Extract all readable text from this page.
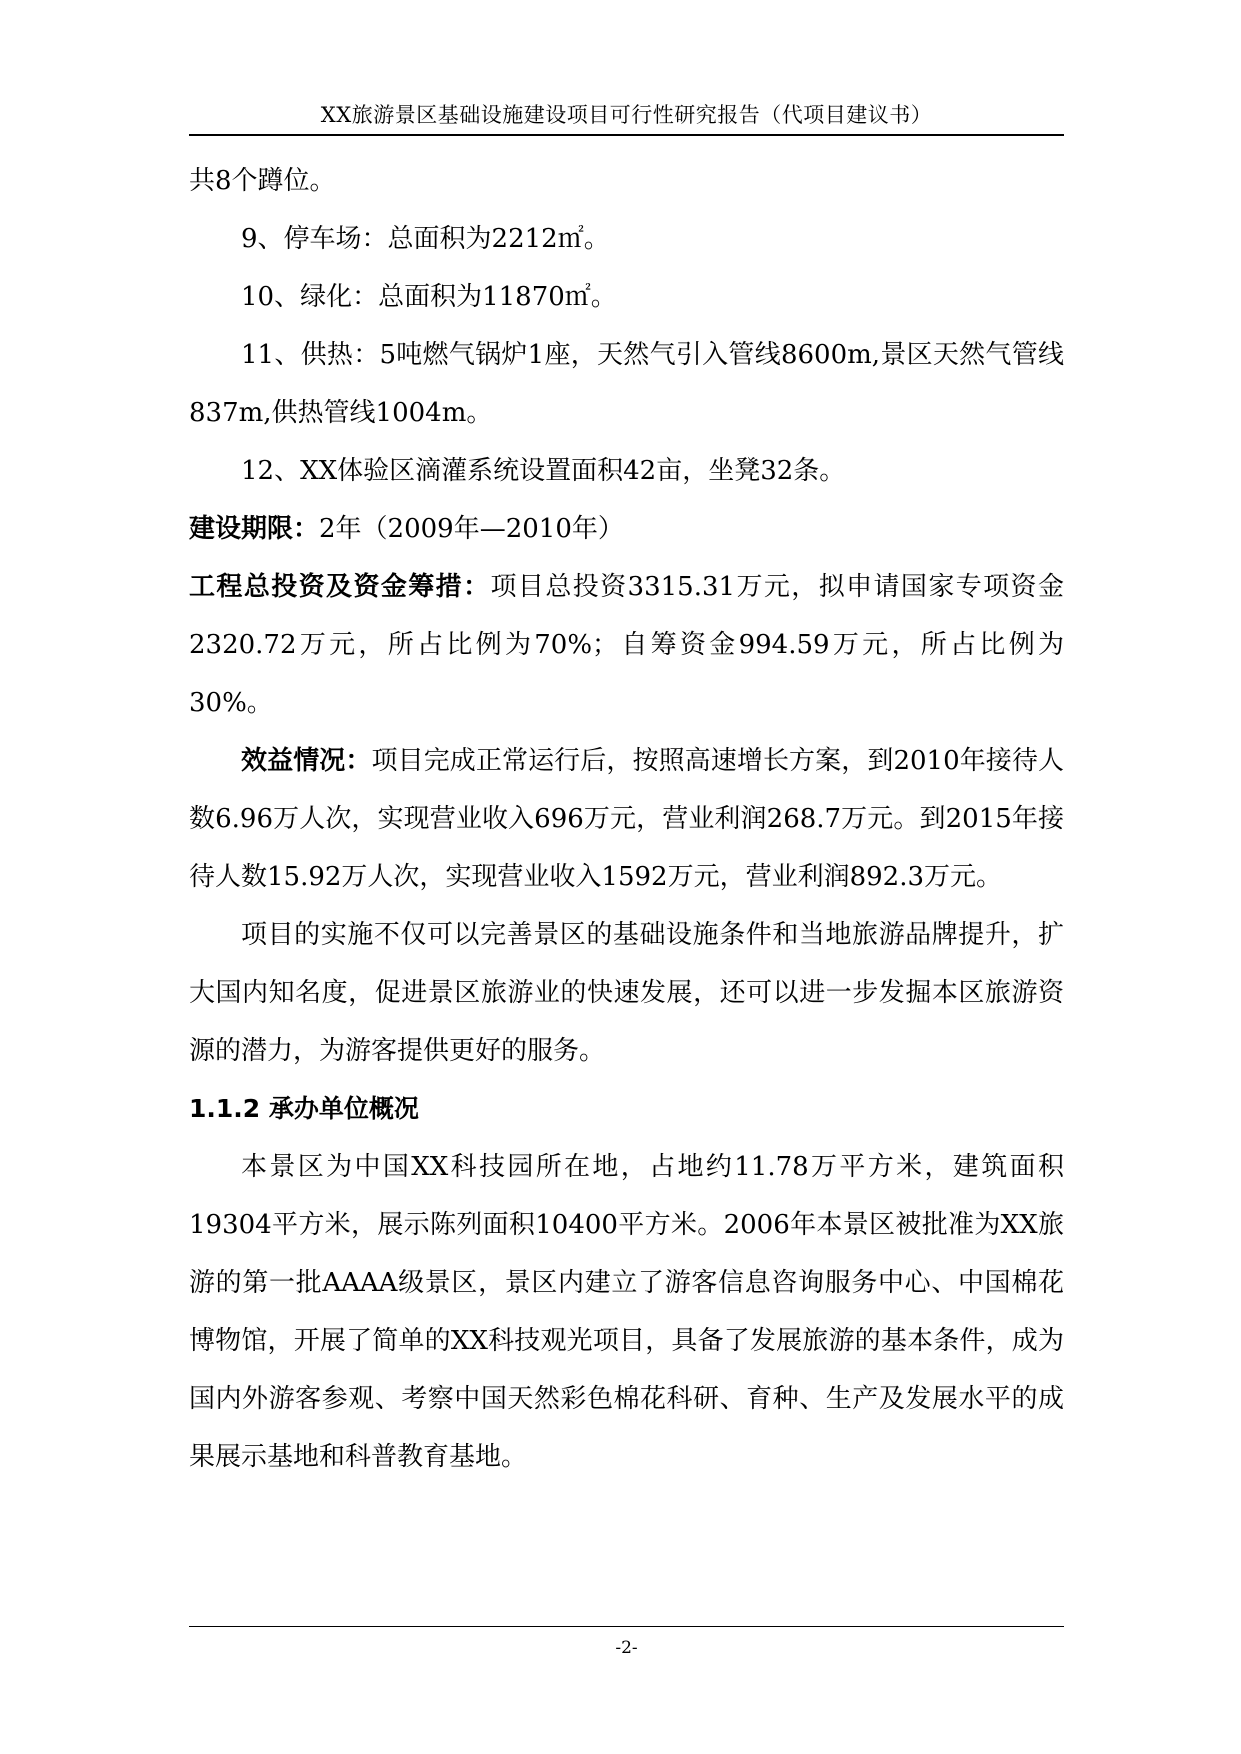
XX旅游景区基础设施建设项目可行性研究报告（代项目建议书）

共8个蹲位。

9、停车场：总面积为2212㎡。

10、绿化：总面积为11870㎡。

11、供热：5吨燃气锅炉1座，天然气引入管线8600m,景区天然气管线837m,供热管线1004m。

12、XX体验区滴灌系统设置面积42亩，坐凳32条。

建设期限：2年（2009年—2010年）

工程总投资及资金筹措：项目总投资3315.31万元，拟申请国家专项资金2320.72万元，所占比例为70%；自筹资金994.59万元，所占比例为30%。

效益情况：项目完成正常运行后，按照高速增长方案，到2010年接待人数6.96万人次，实现营业收入696万元，营业利润268.7万元。到2015年接待人数15.92万人次，实现营业收入1592万元，营业利润892.3万元。

项目的实施不仅可以完善景区的基础设施条件和当地旅游品牌提升，扩大国内知名度，促进景区旅游业的快速发展，还可以进一步发掘本区旅游资源的潜力，为游客提供更好的服务。

1.1.2 承办单位概况

本景区为中国XX科技园所在地，占地约11.78万平方米，建筑面积19304平方米，展示陈列面积10400平方米。2006年本景区被批准为XX旅游的第一批AAAA级景区，景区内建立了游客信息咨询服务中心、中国棉花博物馆，开展了简单的XX科技观光项目，具备了发展旅游的基本条件，成为国内外游客参观、考察中国天然彩色棉花科研、育种、生产及发展水平的成果展示基地和科普教育基地。

-2-
